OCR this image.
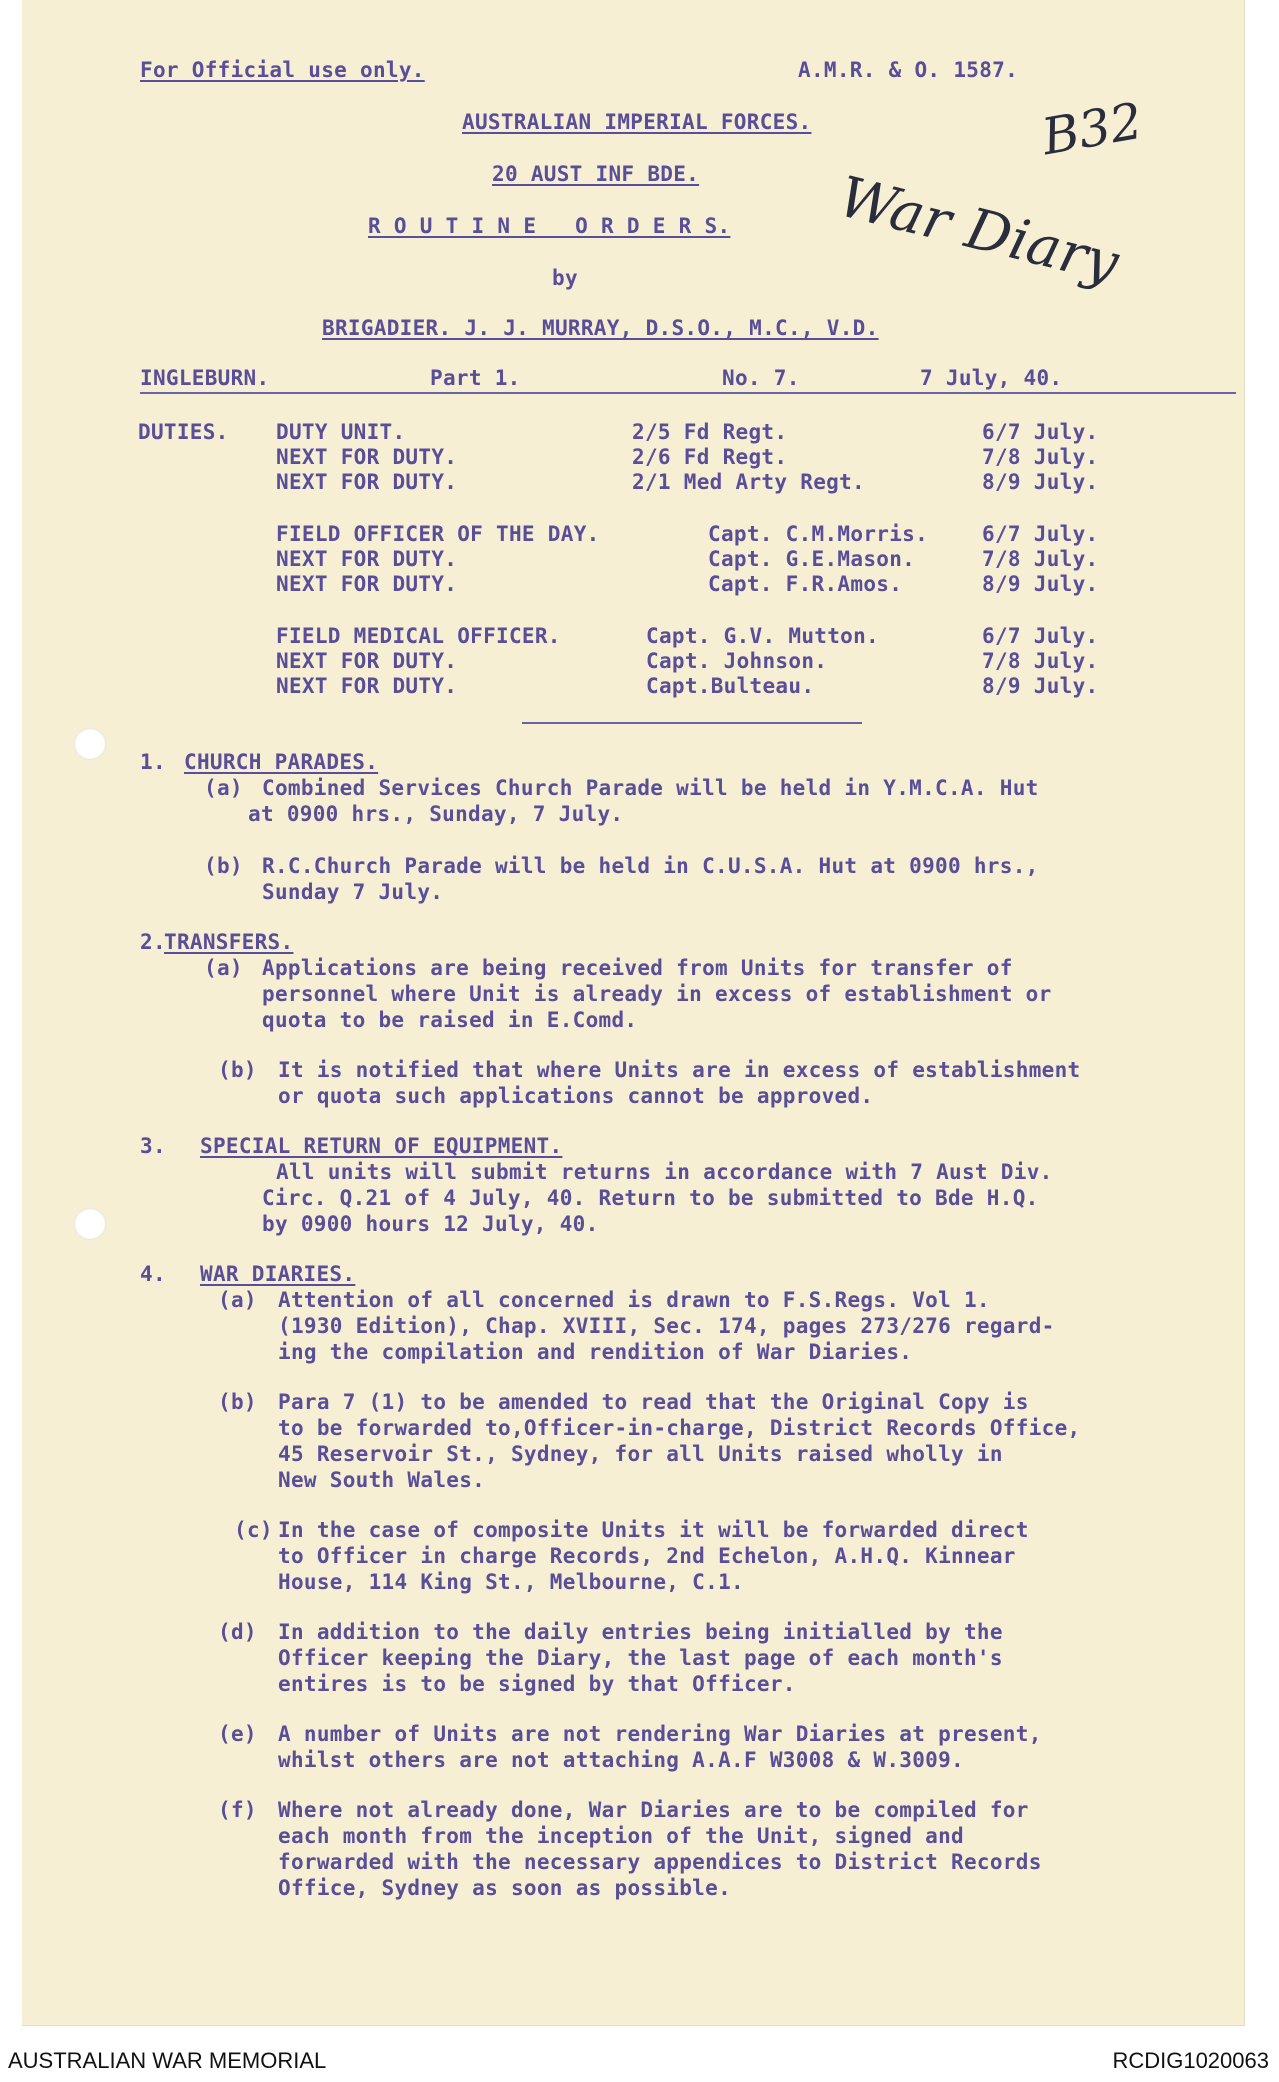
For Official use only.	A.M.R. & O. 1587.
AUSTRALIAN IMPERIAL FORCES.
20 AUST INF BDE.
R O U T I N E   O R D E R S.
by
BRIGADIER. J. J. MURRAY, D.S.O., M.C., V.D.
B32
War Diary
INGLEBURN.	Part 1.	No. 7.	7 July, 40.
DUTIES. DUTY UNIT.	2/5 Fd Regt.	6/7 July.
NEXT FOR DUTY.	2/6 Fd Regt.	7/8 July.
NEXT FOR DUTY.	2/1 Med Arty Regt.	8/9 July.
FIELD OFFICER OF THE DAY.	Capt. C.M.Morris.	6/7 July.
NEXT FOR DUTY.	Capt. G.E.Mason.	7/8 July.
NEXT FOR DUTY.	Capt. F.R.Amos.	8/9 July.
FIELD MEDICAL OFFICER.	Capt. G.V. Mutton.	6/7 July.
NEXT FOR DUTY.	Capt. Johnson.	7/8 July.
NEXT FOR DUTY.	Capt.Bulteau.	8/9 July.
1. CHURCH PARADES.
(a) Combined Services Church Parade will be held in Y.M.C.A. Hut
at 0900 hrs., Sunday, 7 July.
(b) R.C.Church Parade will be held in C.U.S.A. Hut at 0900 hrs.,
Sunday 7 July.
2.
TRANSFERS.
(a) Applications are being received from Units for transfer of
personnel where Unit is already in excess of establishment or
quota to be raised in E.Comd.
(b) It is notified that where Units are in excess of establishment
or quota such applications cannot be approved.
3. SPECIAL RETURN OF EQUIPMENT.
All units will submit returns in accordance with 7 Aust Div.
Circ. Q.21 of 4 July, 40. Return to be submitted to Bde H.Q.
by 0900 hours 12 July, 40.
4. WAR DIARIES.
(a) Attention of all concerned is drawn to F.S.Regs. Vol 1.
(1930 Edition), Chap. XVIII, Sec. 174, pages 273/276 regard-
ing the compilation and rendition of War Diaries.
(b) Para 7 (1) to be amended to read that the Original Copy is
to be forwarded to,Officer-in-charge, District Records Office,
45 Reservoir St., Sydney, for all Units raised wholly in
New South Wales.
(c) In the case of composite Units it will be forwarded direct
to Officer in charge Records, 2nd Echelon, A.H.Q. Kinnear
House, 114 King St., Melbourne, C.1.
(d) In addition to the daily entries being initialled by the
Officer keeping the Diary, the last page of each month's
entires is to be signed by that Officer.
(e) A number of Units are not rendering War Diaries at present,
whilst others are not attaching A.A.F W3008 & W.3009.
(f) Where not already done, War Diaries are to be compiled for
each month from the inception of the Unit, signed and
forwarded with the necessary appendices to District Records
Office, Sydney as soon as possible.
AUSTRALIAN WAR MEMORIAL	RCDIG1020063
